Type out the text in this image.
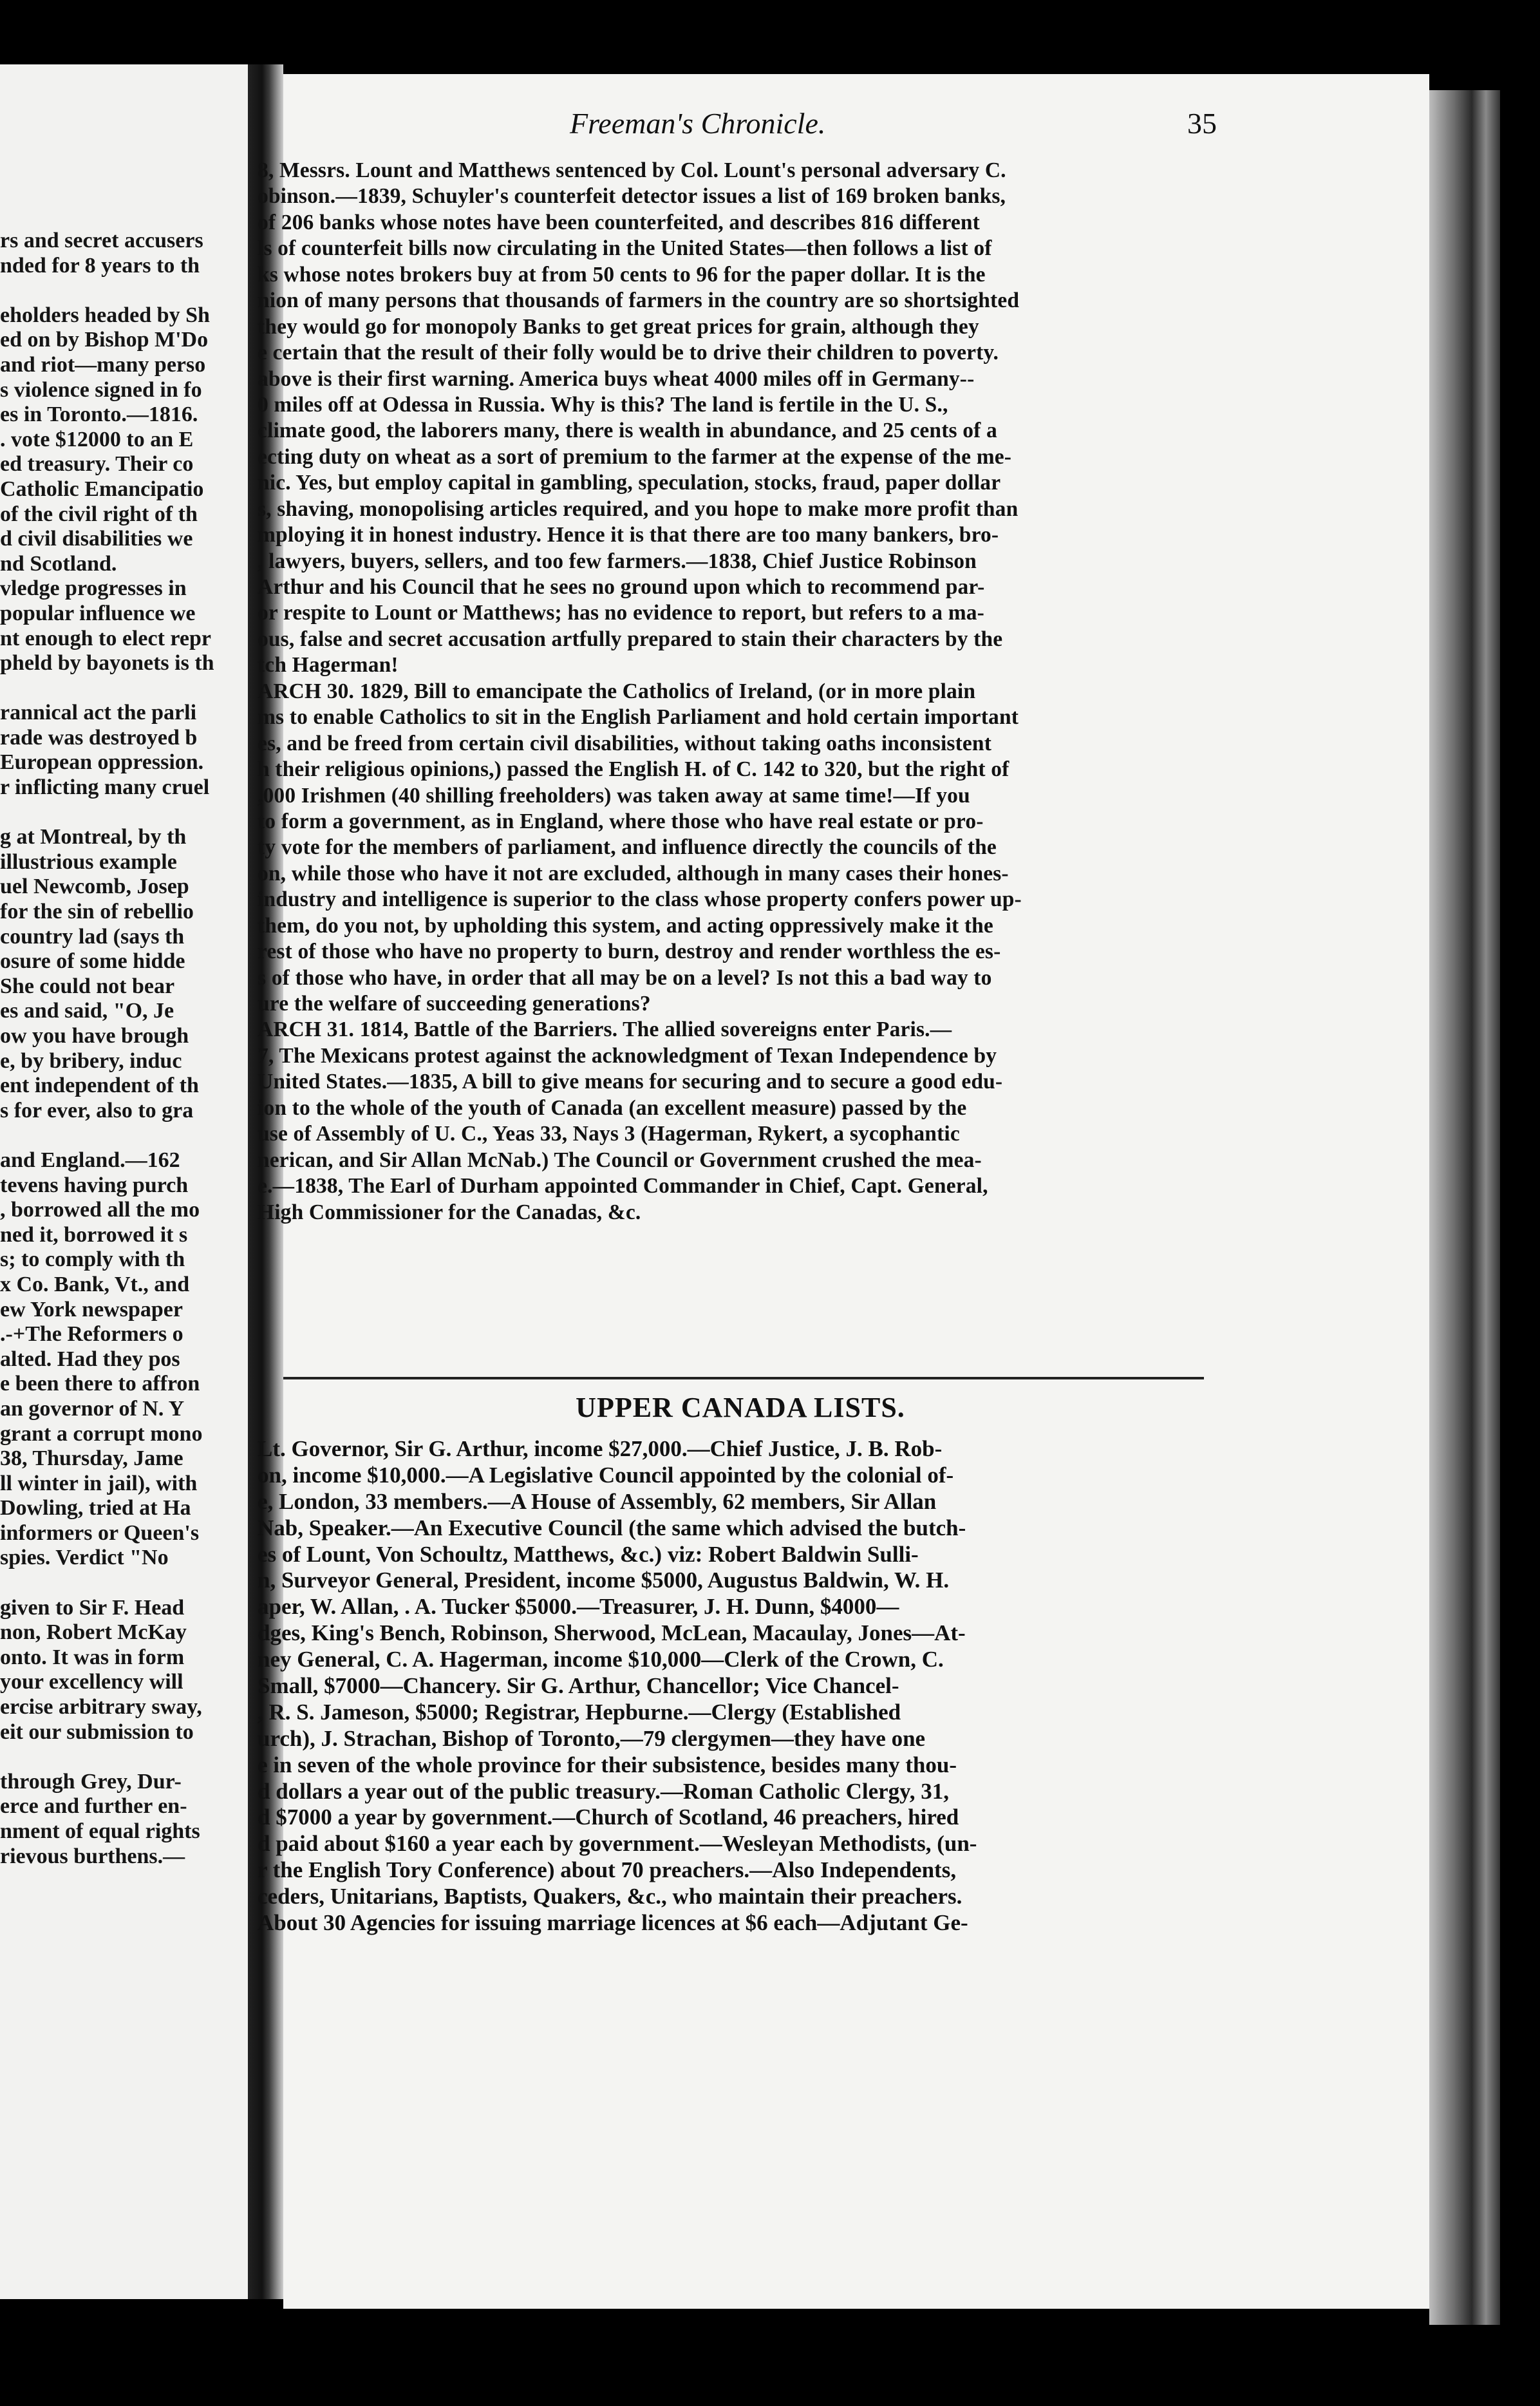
rs and secret accusers
nded for 8 years to th
eholders headed by Sh
ed on by Bishop M'Do
and riot—many perso
s violence signed in fo
es in Toronto.—1816.
. vote $12000 to an E
ed treasury. Their co
Catholic Emancipatio
of the civil right of th
d civil disabilities we
nd Scotland.
vledge progresses in
popular influence we
nt enough to elect repr
pheld by bayonets is th
rannical act the parli
rade was destroyed b
European oppression.
r inflicting many cruel
g at Montreal, by th
illustrious example
uel Newcomb, Josep
for the sin of rebellio
country lad (says th
osure of some hidde
She could not bear
es and said, "O, Je
ow you have brough
e, by bribery, induc
ent independent of th
s for ever, also to gra
and England.—162
tevens having purch
, borrowed all the mo
ned it, borrowed it s
s; to comply with th
x Co. Bank, Vt., and
ew York newspaper
.-+The Reformers o
alted. Had they pos
e been there to affron
an governor of N. Y
grant a corrupt mono
38, Thursday, Jame
ll winter in jail), with
Dowling, tried at Ha
informers or Queen's
spies. Verdict "No
given to Sir F. Head
non, Robert McKay
onto. It was in form
your excellency will
ercise arbitrary sway,
eit our submission to
through Grey, Dur-
erce and further en-
nment of equal rights
rievous burthens.—
Freeman's Chronicle.	35
8, Messrs. Lount and Matthews sentenced by Col. Lount's personal adversary C.
obinson.—1839, Schuyler's counterfeit detector issues a list of 169 broken banks,
of 206 banks whose notes have been counterfeited, and describes 816 different
ls of counterfeit bills now circulating in the United States—then follows a list of
ks whose notes brokers buy at from 50 cents to 96 for the paper dollar. It is the
nion of many persons that thousands of farmers in the country are so shortsighted
they would go for monopoly Banks to get great prices for grain, although they
e certain that the result of their folly would be to drive their children to poverty.
above is their first warning. America buys wheat 4000 miles off in Germany--
0 miles off at Odessa in Russia. Why is this? The land is fertile in the U. S.,
climate good, the laborers many, there is wealth in abundance, and 25 cents of a
ecting duty on wheat as a sort of premium to the farmer at the expense of the me-
nic. Yes, but employ capital in gambling, speculation, stocks, fraud, paper dollar
s, shaving, monopolising articles required, and you hope to make more profit than
mploying it in honest industry. Hence it is that there are too many bankers, bro-
, lawyers, buyers, sellers, and too few farmers.—1838, Chief Justice Robinson
Arthur and his Council that he sees no ground upon which to recommend par-
or respite to Lount or Matthews; has no evidence to report, but refers to a ma-
ous, false and secret accusation artfully prepared to stain their characters by the
tch Hagerman!
ARCH 30. 1829, Bill to emancipate the Catholics of Ireland, (or in more plain
ms to enable Catholics to sit in the English Parliament and hold certain important
es, and be freed from certain civil disabilities, without taking oaths inconsistent
h their religious opinions,) passed the English H. of C. 142 to 320, but the right of
,000 Irishmen (40 shilling freeholders) was taken away at same time!—If you
to form a government, as in England, where those who have real estate or pro-
ty vote for the members of parliament, and influence directly the councils of the
on, while those who have it not are excluded, although in many cases their hones-
industry and intelligence is superior to the class whose property confers power up-
them, do you not, by upholding this system, and acting oppressively make it the
rest of those who have no property to burn, destroy and render worthless the es-
s of those who have, in order that all may be on a level? Is not this a bad way to
ure the welfare of succeeding generations?
ARCH 31. 1814, Battle of the Barriers. The allied sovereigns enter Paris.—
7, The Mexicans protest against the acknowledgment of Texan Independence by
United States.—1835, A bill to give means for securing and to secure a good edu-
ion to the whole of the youth of Canada (an excellent measure) passed by the
use of Assembly of U. C., Yeas 33, Nays 3 (Hagerman, Rykert, a sycophantic
nerican, and Sir Allan McNab.) The Council or Government crushed the mea-
e.—1838, The Earl of Durham appointed Commander in Chief, Capt. General,
High Commissioner for the Canadas, &c.
UPPER CANADA LISTS.
Lt. Governor, Sir G. Arthur, income $27,000.—Chief Justice, J. B. Rob-
on, income $10,000.—A Legislative Council appointed by the colonial of-
e, London, 33 members.—A House of Assembly, 62 members, Sir Allan
Nab, Speaker.—An Executive Council (the same which advised the butch-
es of Lount, Von Schoultz, Matthews, &c.) viz: Robert Baldwin Sulli-
n, Surveyor General, President, income $5000, Augustus Baldwin, W. H.
aper, W. Allan, . A. Tucker $5000.—Treasurer, J. H. Dunn, $4000—
dges, King's Bench, Robinson, Sherwood, McLean, Macaulay, Jones—At-
ney General, C. A. Hagerman, income $10,000—Clerk of the Crown, C.
Small, $7000—Chancery. Sir G. Arthur, Chancellor; Vice Chancel-
, R. S. Jameson, $5000; Registrar, Hepburne.—Clergy (Established
urch), J. Strachan, Bishop of Toronto,—79 clergymen—they have one
e in seven of the whole province for their subsistence, besides many thou-
d dollars a year out of the public treasury.—Roman Catholic Clergy, 31,
d $7000 a year by government.—Church of Scotland, 46 preachers, hired
d paid about $160 a year each by government.—Wesleyan Methodists, (un-
r the English Tory Conference) about 70 preachers.—Also Independents,
ceders, Unitarians, Baptists, Quakers, &c., who maintain their preachers.
About 30 Agencies for issuing marriage licences at $6 each—Adjutant Ge-
